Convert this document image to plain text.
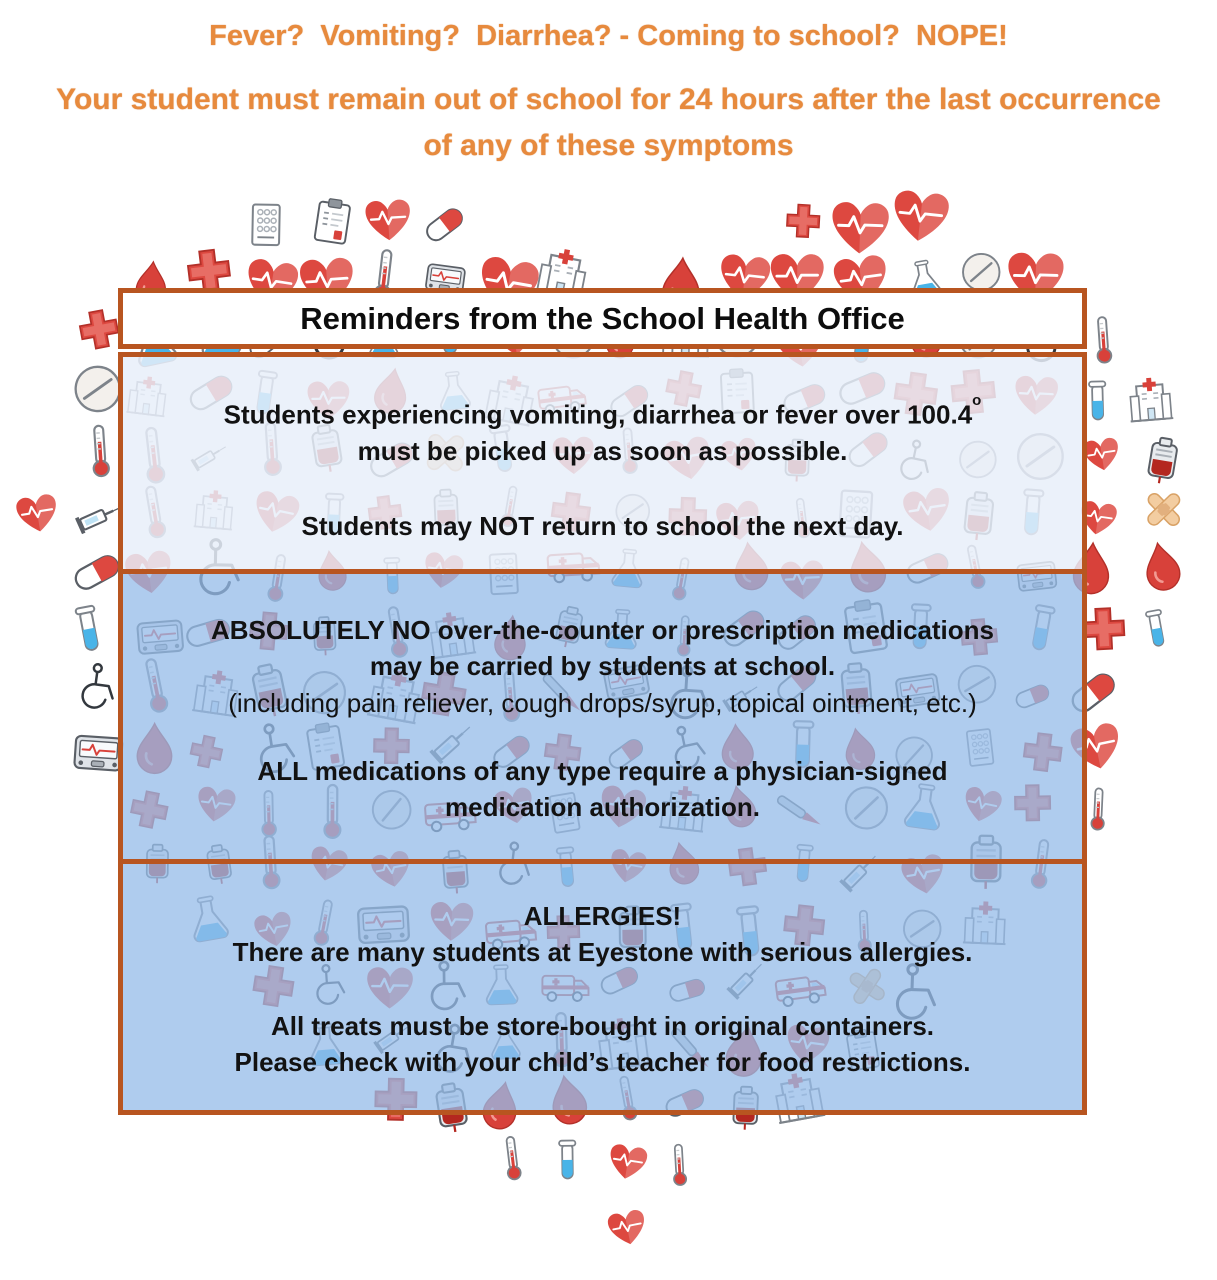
Fever?  Vomiting?  Diarrhea? - Coming to school?  NOPE!
Your student must remain out of school for 24 hours after the last occurrence
of any of these symptoms
Reminders from the School Health Office

Students experiencing vomiting, diarrhea or fever over 100.4$^o$

must be picked up as soon as possible.

Students may NOT return to school the next day.

ABSOLUTELY NO over-the-counter or prescription medications

may be carried by students at school.

(including pain reliever, cough drops/syrup, topical ointment, etc.)

ALL medications of any type require a physician-signed

medication authorization.

ALLERGIES!

There are many students at Eyestone with serious allergies.

All treats must be store-bought in original containers.

Please check with your child’s teacher for food restrictions.
